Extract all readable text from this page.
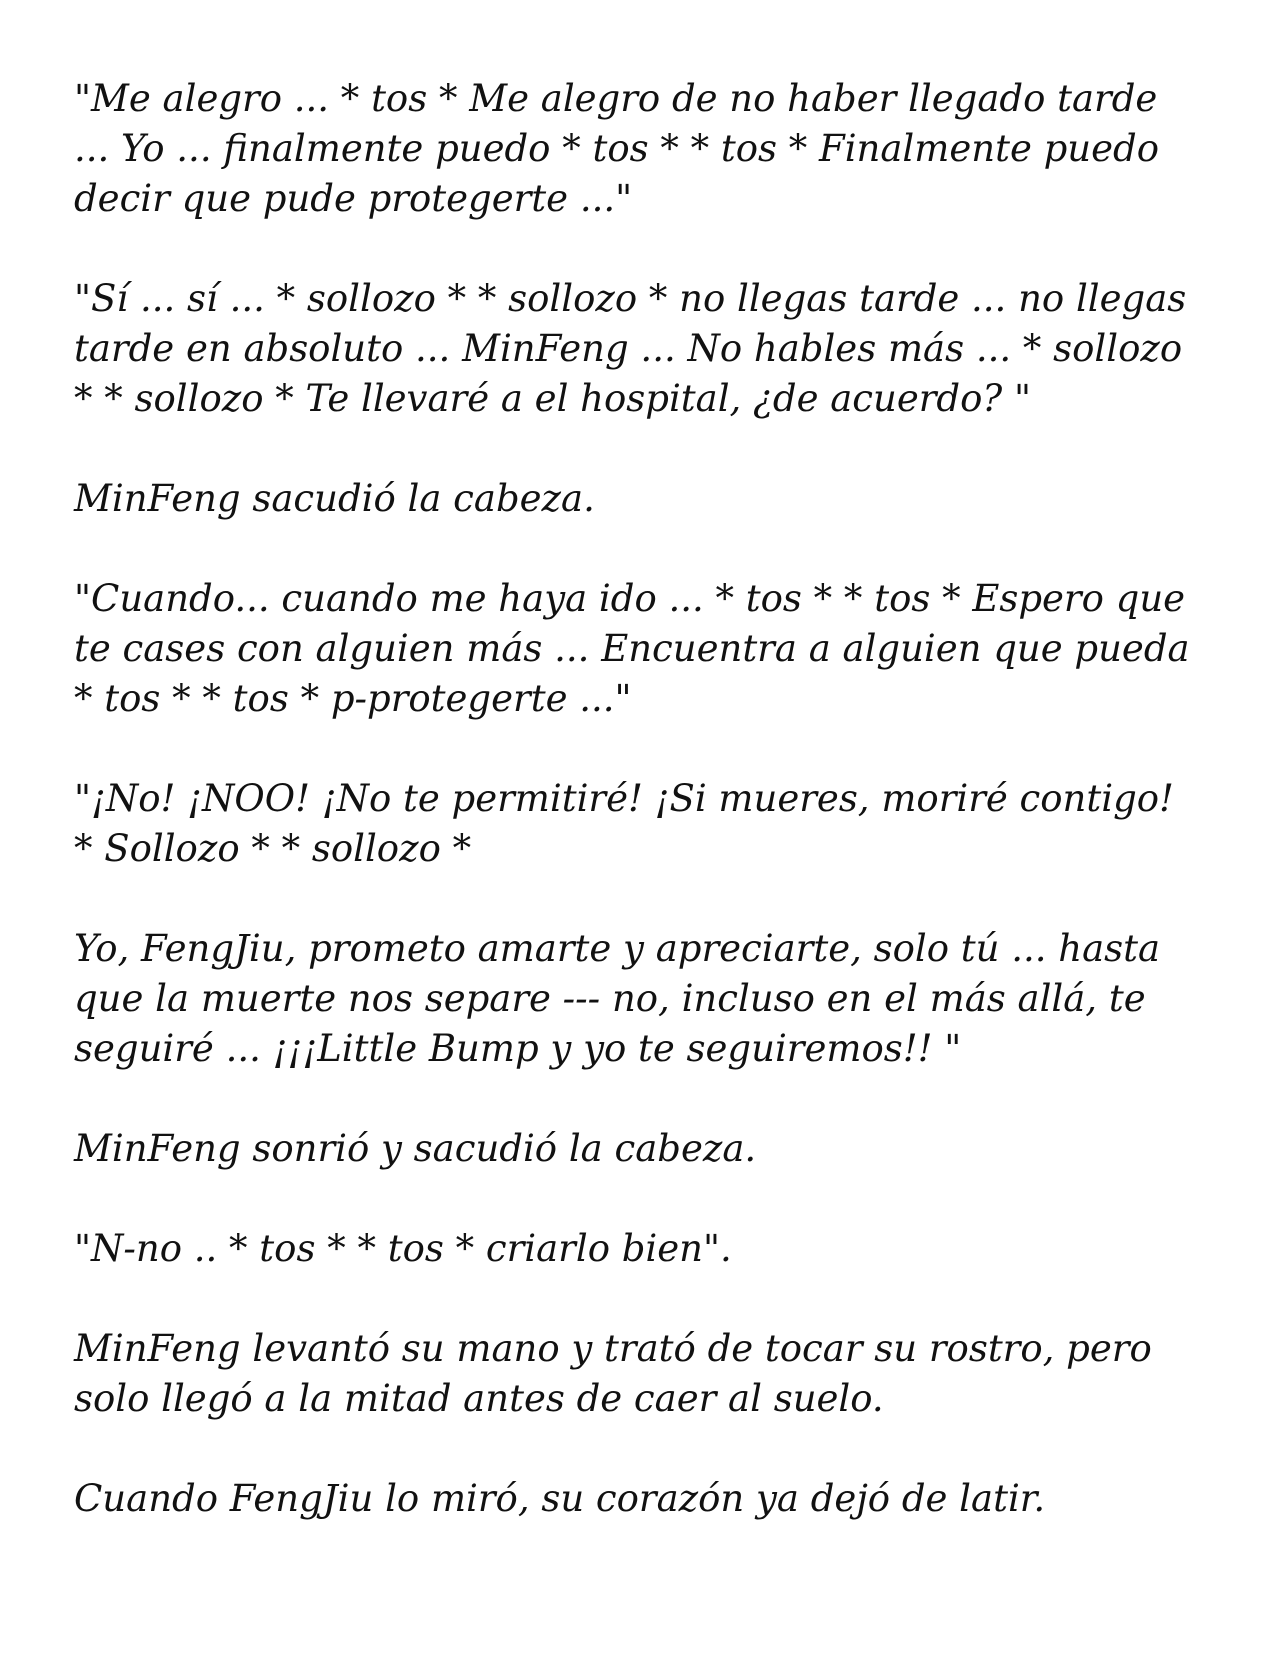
"Me alegro ... * tos * Me alegro de no haber llegado tarde ... Yo ... finalmente puedo * tos * * tos * Finalmente puedo decir que pude protegerte ..."

"Sí ... sí ... * sollozo * * sollozo * no llegas tarde ... no llegas tarde en absoluto ... MinFeng ... No hables más ... * sollozo * * sollozo * Te llevaré a el hospital, ¿de acuerdo? "

MinFeng sacudió la cabeza.

"Cuando... cuando me haya ido ... * tos * * tos * Espero que te cases con alguien más ... Encuentra a alguien que pueda * tos * * tos * p-protegerte ..."

"¡No! ¡NOO! ¡No te permitiré! ¡Si mueres, moriré contigo! * Sollozo * * sollozo *

Yo, FengJiu, prometo amarte y apreciarte, solo tú ... hasta que la muerte nos separe --- no, incluso en el más allá, te seguiré ... ¡¡¡Little Bump y yo te seguiremos!! "

MinFeng sonrió y sacudió la cabeza.

"N-no .. * tos * * tos * criarlo bien".

MinFeng levantó su mano y trató de tocar su rostro, pero solo llegó a la mitad antes de caer al suelo.

Cuando FengJiu lo miró, su corazón ya dejó de latir.
